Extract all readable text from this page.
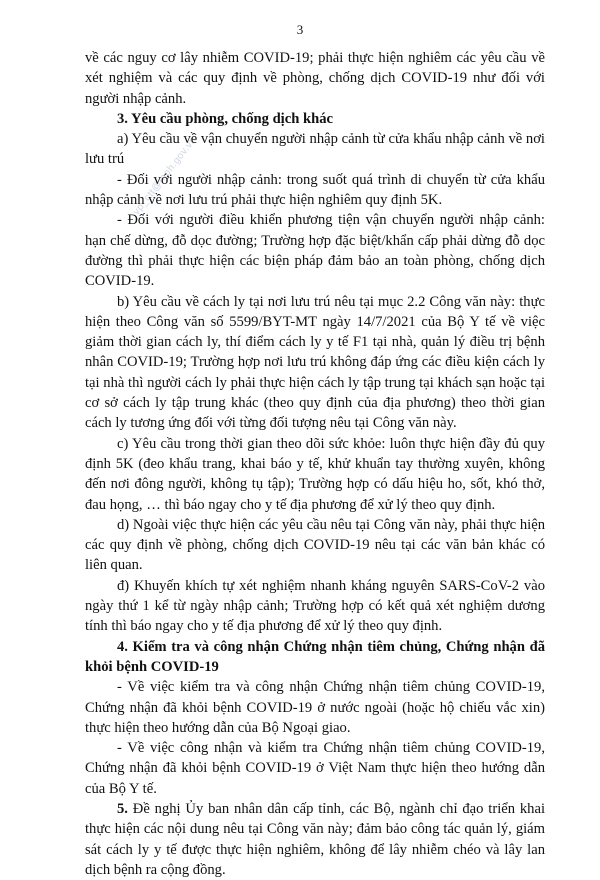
3
vp_ctt@moh.gov.vn

về các nguy cơ lây nhiễm COVID-19; phải thực hiện nghiêm các yêu cầu về xét nghiệm và các quy định về phòng, chống dịch COVID-19 như đối với người nhập cảnh.

3. Yêu cầu phòng, chống dịch khác

a) Yêu cầu về vận chuyển người nhập cảnh từ cửa khẩu nhập cảnh về nơi lưu trú

- Đối với người nhập cảnh: trong suốt quá trình di chuyển từ cửa khẩu nhập cảnh về nơi lưu trú phải thực hiện nghiêm quy định 5K.

- Đối với người điều khiển phương tiện vận chuyển người nhập cảnh: hạn chế dừng, đỗ dọc đường; Trường hợp đặc biệt/khẩn cấp phải dừng đỗ dọc đường thì phải thực hiện các biện pháp đảm bảo an toàn phòng, chống dịch COVID-19.

b) Yêu cầu về cách ly tại nơi lưu trú nêu tại mục 2.2 Công văn này: thực hiện theo Công văn số 5599/BYT-MT ngày 14/7/2021 của Bộ Y tế về việc giảm thời gian cách ly, thí điểm cách ly y tế F1 tại nhà, quản lý điều trị bệnh nhân COVID-19; Trường hợp nơi lưu trú không đáp ứng các điều kiện cách ly tại nhà thì người cách ly phải thực hiện cách ly tập trung tại khách sạn hoặc tại cơ sở cách ly tập trung khác (theo quy định của địa phương) theo thời gian cách ly tương ứng đối với từng đối tượng nêu tại Công văn này.

c) Yêu cầu trong thời gian theo dõi sức khỏe: luôn thực hiện đầy đủ quy định 5K (đeo khẩu trang, khai báo y tế, khử khuẩn tay thường xuyên, không đến nơi đông người, không tụ tập); Trường hợp có dấu hiệu ho, sốt, khó thở, đau họng, … thì báo ngay cho y tế địa phương để xử lý theo quy định.

d) Ngoài việc thực hiện các yêu cầu nêu tại Công văn này, phải thực hiện các quy định về phòng, chống dịch COVID-19 nêu tại các văn bản khác có liên quan.

đ) Khuyến khích tự xét nghiệm nhanh kháng nguyên SARS-CoV-2 vào ngày thứ 1 kể từ ngày nhập cảnh; Trường hợp có kết quả xét nghiệm dương tính thì báo ngay cho y tế địa phương để xử lý theo quy định.

4. Kiểm tra và công nhận Chứng nhận tiêm chủng, Chứng nhận đã khỏi bệnh COVID-19

- Về việc kiểm tra và công nhận Chứng nhận tiêm chủng COVID-19, Chứng nhận đã khỏi bệnh COVID-19 ở nước ngoài (hoặc hộ chiếu vắc xin) thực hiện theo hướng dẫn của Bộ Ngoại giao.

- Về việc công nhận và kiểm tra Chứng nhận tiêm chủng COVID-19, Chứng nhận đã khỏi bệnh COVID-19 ở Việt Nam thực hiện theo hướng dẫn của Bộ Y tế.

5. Đề nghị Ủy ban nhân dân cấp tỉnh, các Bộ, ngành chỉ đạo triển khai thực hiện các nội dung nêu tại Công văn này; đảm bảo công tác quản lý, giám sát cách ly y tế được thực hiện nghiêm, không để lây nhiễm chéo và lây lan dịch bệnh ra cộng đồng.
